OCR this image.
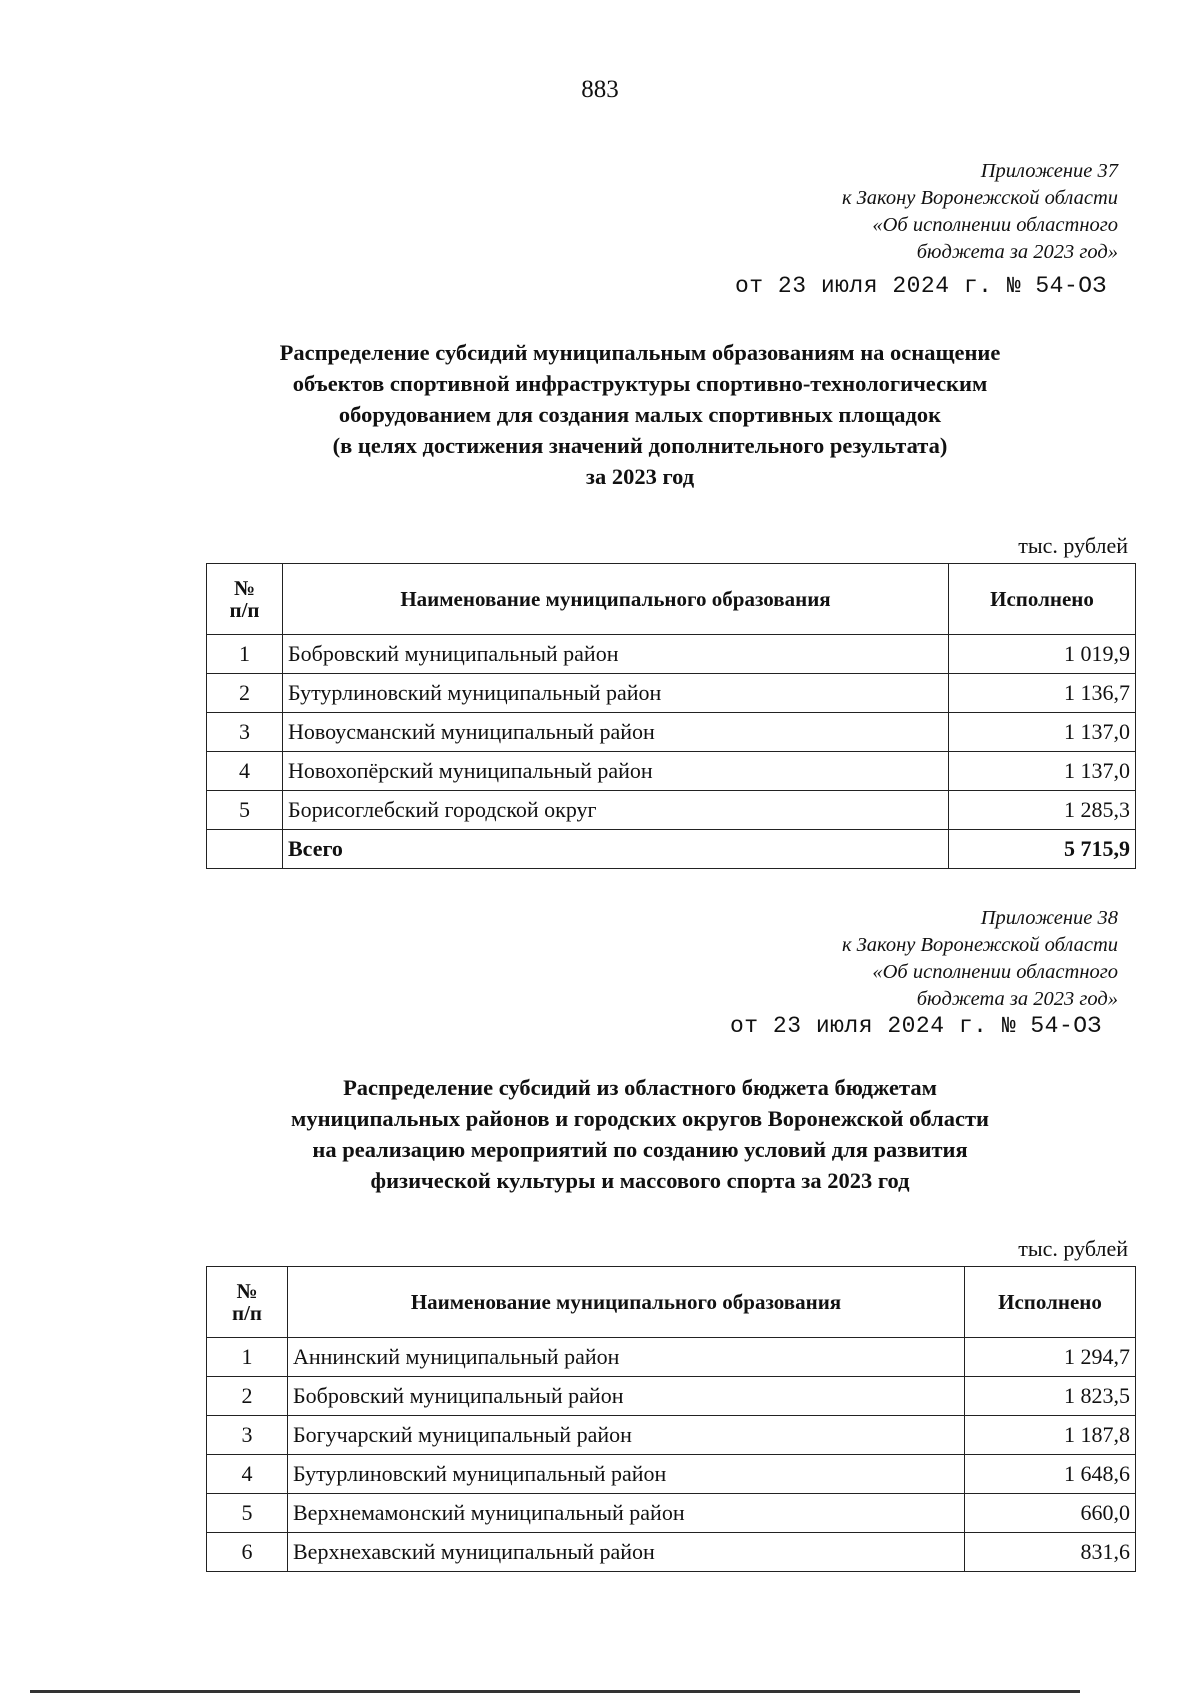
883
Приложение 37
к Закону Воронежской области
«Об исполнении областного
бюджета за 2023 год»
от 23 июля 2024 г. № 54-ОЗ
Распределение субсидий муниципальным образованиям на оснащение
объектов спортивной инфраструктуры спортивно-технологическим
оборудованием для создания малых спортивных площадок
(в целях достижения значений дополнительного результата)
за 2023 год
тыс. рублей
№
п/п	Наименование муниципального образования	Исполнено
1	Бобровский муниципальный район	1 019,9
2	Бутурлиновский муниципальный район	1 136,7
3	Новоусманский муниципальный район	1 137,0
4	Новохопёрский муниципальный район	1 137,0
5	Борисоглебский городской округ	1 285,3
	Всего	5 715,9
Приложение 38
к Закону Воронежской области
«Об исполнении областного
бюджета за 2023 год»
от 23 июля 2024 г. № 54-ОЗ
Распределение субсидий из областного бюджета бюджетам
муниципальных районов и городских округов Воронежской области
на реализацию мероприятий по созданию условий для развития
физической культуры и массового спорта за 2023 год
тыс. рублей
№
п/п	Наименование муниципального образования	Исполнено
1	Аннинский муниципальный район	1 294,7
2	Бобровский муниципальный район	1 823,5
3	Богучарский муниципальный район	1 187,8
4	Бутурлиновский муниципальный район	1 648,6
5	Верхнемамонский муниципальный район	660,0
6	Верхнехавский муниципальный район	831,6
